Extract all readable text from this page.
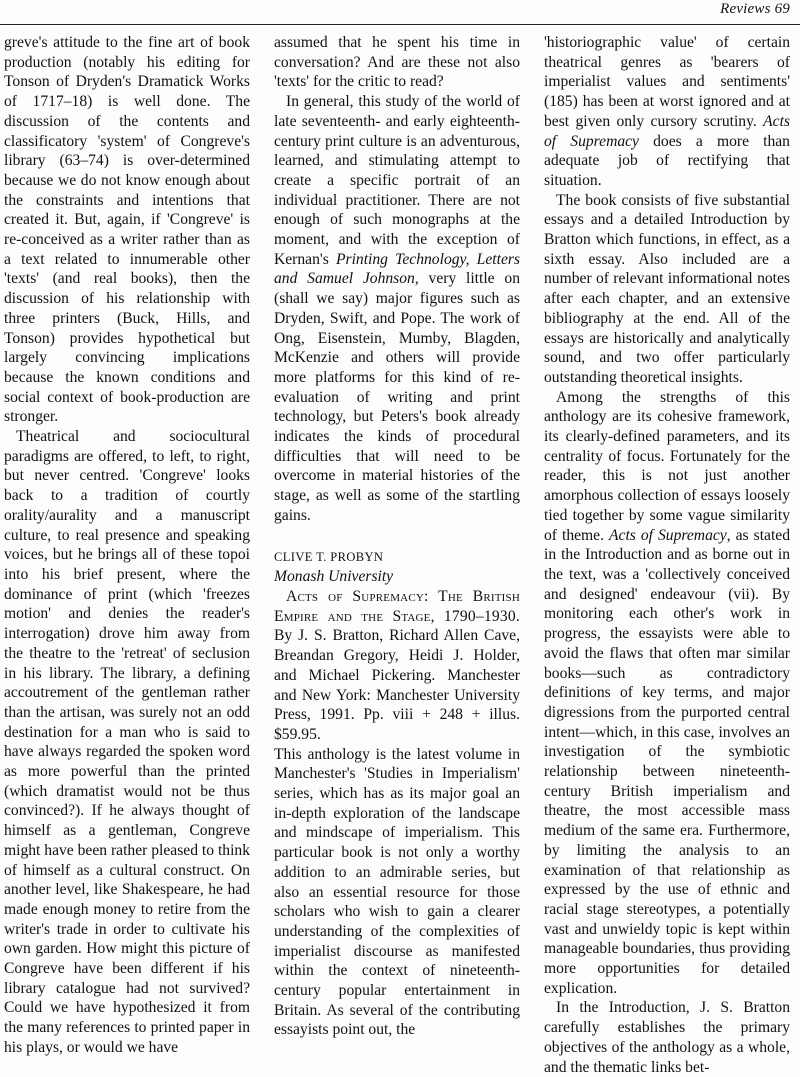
Reviews 69

greve's attitude to the fine art of book production (notably his editing for Tonson of Dryden's Dramatick Works of 1717–18) is well done. The discussion of the contents and classificatory 'system' of Congreve's library (63–74) is over-determined because we do not know enough about the constraints and intentions that created it. But, again, if 'Congreve' is re-conceived as a writer rather than as a text related to innumerable other 'texts' (and real books), then the discussion of his relationship with three printers (Buck, Hills, and Tonson) provides hypothetical but largely convincing implications because the known conditions and social context of book-production are stronger.

Theatrical and sociocultural paradigms are offered, to left, to right, but never centred. 'Congreve' looks back to a tradition of courtly orality/aurality and a manuscript culture, to real presence and speaking voices, but he brings all of these topoi into his brief present, where the dominance of print (which 'freezes motion' and denies the reader's interrogation) drove him away from the theatre to the 'retreat' of seclusion in his library. The library, a defining accoutrement of the gentleman rather than the artisan, was surely not an odd destination for a man who is said to have always regarded the spoken word as more powerful than the printed (which dramatist would not be thus convinced?). If he always thought of himself as a gentleman, Congreve might have been rather pleased to think of himself as a cultural construct. On another level, like Shakespeare, he had made enough money to retire from the writer's trade in order to cultivate his own garden. How might this picture of Congreve have been different if his library catalogue had not survived? Could we have hypothesized it from the many references to printed paper in his plays, or would we have

assumed that he spent his time in conversation? And are these not also 'texts' for the critic to read?

In general, this study of the world of late seventeenth- and early eighteenth-century print culture is an adventurous, learned, and stimulating attempt to create a specific portrait of an individual practitioner. There are not enough of such monographs at the moment, and with the exception of Kernan's Printing Technology, Letters and Samuel Johnson, very little on (shall we say) major figures such as Dryden, Swift, and Pope. The work of Ong, Eisenstein, Mumby, Blagden, McKenzie and others will provide more platforms for this kind of re-evaluation of writing and print technology, but Peters's book already indicates the kinds of procedural difficulties that will need to be overcome in material histories of the stage, as well as some of the startling gains.

CLIVE T. PROBYN
Monash University

Acts of Supremacy: The British Empire and the Stage, 1790–1930. By J. S. Bratton, Richard Allen Cave, Breandan Gregory, Heidi J. Holder, and Michael Pickering. Manchester and New York: Manchester University Press, 1991. Pp. viii + 248 + illus. $59.95.

This anthology is the latest volume in Manchester's 'Studies in Imperialism' series, which has as its major goal an in-depth exploration of the landscape and mindscape of imperialism. This particular book is not only a worthy addition to an admirable series, but also an essential resource for those scholars who wish to gain a clearer understanding of the complexities of imperialist discourse as manifested within the context of nineteenth-century popular entertainment in Britain. As several of the contributing essayists point out, the

'historiographic value' of certain theatrical genres as 'bearers of imperialist values and sentiments' (185) has been at worst ignored and at best given only cursory scrutiny. Acts of Supremacy does a more than adequate job of rectifying that situation.

The book consists of five substantial essays and a detailed Introduction by Bratton which functions, in effect, as a sixth essay. Also included are a number of relevant informational notes after each chapter, and an extensive bibliography at the end. All of the essays are historically and analytically sound, and two offer particularly outstanding theoretical insights.

Among the strengths of this anthology are its cohesive framework, its clearly-defined parameters, and its centrality of focus. Fortunately for the reader, this is not just another amorphous collection of essays loosely tied together by some vague similarity of theme. Acts of Supremacy, as stated in the Introduction and as borne out in the text, was a 'collectively conceived and designed' endeavour (vii). By monitoring each other's work in progress, the essayists were able to avoid the flaws that often mar similar books—such as contradictory definitions of key terms, and major digressions from the purported central intent—which, in this case, involves an investigation of the symbiotic relationship between nineteenth-century British imperialism and theatre, the most accessible mass medium of the same era. Furthermore, by limiting the analysis to an examination of that relationship as expressed by the use of ethnic and racial stage stereotypes, a potentially vast and unwieldy topic is kept within manageable boundaries, thus providing more opportunities for detailed explication.

In the Introduction, J. S. Bratton carefully establishes the primary objectives of the anthology as a whole, and the thematic links bet-
